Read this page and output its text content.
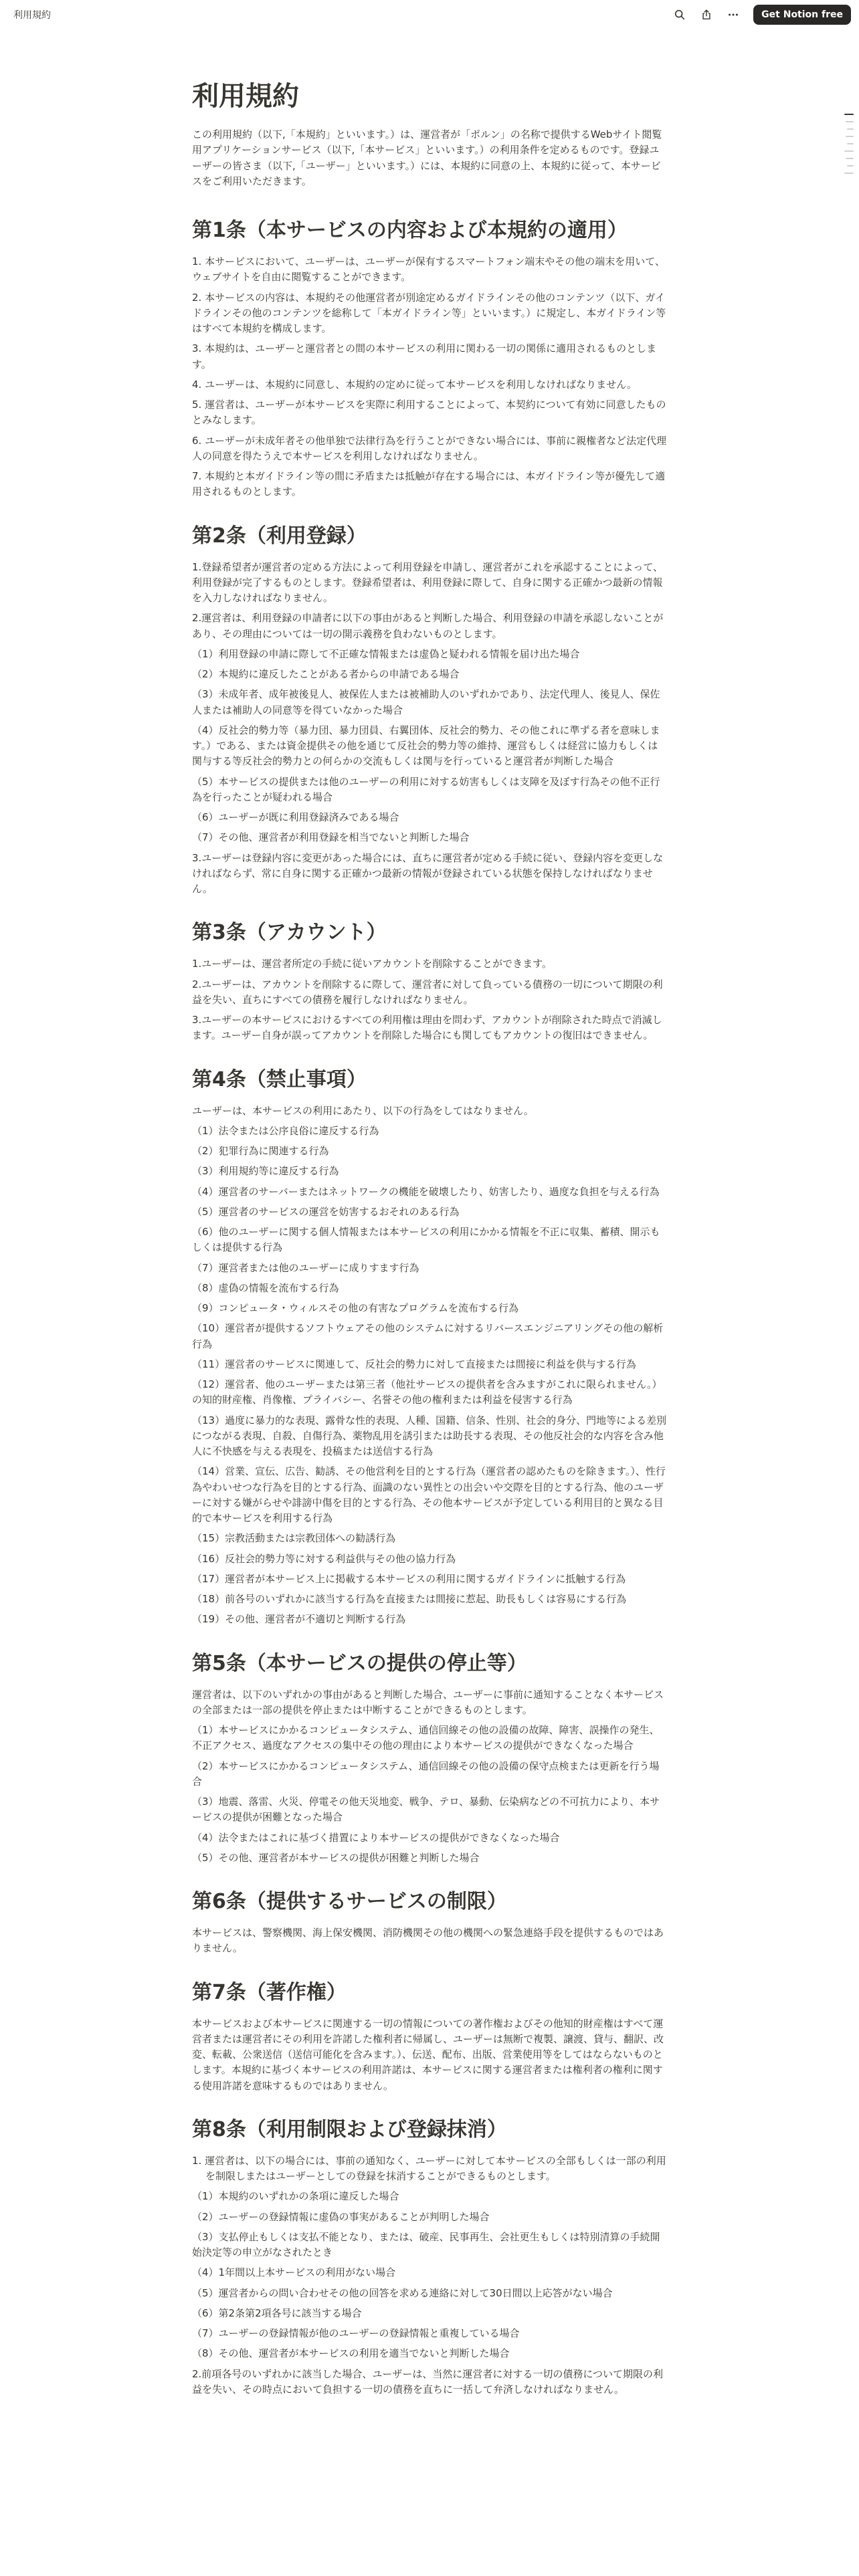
利用規約	Get Notion free
利用規約

この利用規約（以下,「本規約」といいます。）は、運営者が「ポルン」の名称で提供するWebサイト閲覧用アプリケーションサービス（以下,「本サービス」といいます。）の利用条件を定めるものです。登録ユーザーの皆さま（以下,「ユーザー」といいます。）には、本規約に同意の上、本規約に従って、本サービスをご利用いただきます。

第1条（本サービスの内容および本規約の適用）

1. 本サービスにおいて、ユーザーは、ユーザーが保有するスマートフォン端末やその他の端末を用いて、ウェブサイトを自由に閲覧することができます。

2. 本サービスの内容は、本規約その他運営者が別途定めるガイドラインその他のコンテンツ（以下、ガイドラインその他のコンテンツを総称して「本ガイドライン等」といいます。）に規定し、本ガイドライン等はすべて本規約を構成します。

3. 本規約は、ユーザーと運営者との間の本サービスの利用に関わる一切の関係に適用されるものとします。

4. ユーザーは、本規約に同意し、本規約の定めに従って本サービスを利用しなければなりません。

5. 運営者は、ユーザーが本サービスを実際に利用することによって、本契約について有効に同意したものとみなします。

6. ユーザーが未成年者その他単独で法律行為を行うことができない場合には、事前に親権者など法定代理人の同意を得たうえで本サービスを利用しなければなりません。

7. 本規約と本ガイドライン等の間に矛盾または抵触が存在する場合には、本ガイドライン等が優先して適用されるものとします。

第2条（利用登録）

1.登録希望者が運営者の定める方法によって利用登録を申請し、運営者がこれを承認することによって、利用登録が完了するものとします。登録希望者は、利用登録に際して、自身に関する正確かつ最新の情報を入力しなければなりません。

2.運営者は、利用登録の申請者に以下の事由があると判断した場合、利用登録の申請を承認しないことがあり、その理由については一切の開示義務を負わないものとします。

（1）利用登録の申請に際して不正確な情報または虚偽と疑われる情報を届け出た場合

（2）本規約に違反したことがある者からの申請である場合

（3）未成年者、成年被後見人、被保佐人または被補助人のいずれかであり、法定代理人、後見人、保佐人または補助人の同意等を得ていなかった場合

（4）反社会的勢力等（暴力団、暴力団員、右翼団体、反社会的勢力、その他これに準ずる者を意味します。）である、または資金提供その他を通じて反社会的勢力等の維持、運営もしくは経営に協力もしくは関与する等反社会的勢力との何らかの交流もしくは関与を行っていると運営者が判断した場合

（5）本サービスの提供または他のユーザーの利用に対する妨害もしくは支障を及ぼす行為その他不正行為を行ったことが疑われる場合

（6）ユーザーが既に利用登録済みである場合

（7）その他、運営者が利用登録を相当でないと判断した場合

3.ユーザーは登録内容に変更があった場合には、直ちに運営者が定める手続に従い、登録内容を変更しなければならず、常に自身に関する正確かつ最新の情報が登録されている状態を保持しなければなりません。

第3条（アカウント）

1.ユーザーは、運営者所定の手続に従いアカウントを削除することができます。

2.ユーザーは、アカウントを削除するに際して、運営者に対して負っている債務の一切について期限の利益を失い、直ちにすべての債務を履行しなければなりません。

3.ユーザーの本サービスにおけるすべての利用権は理由を問わず、アカウントが削除された時点で消滅します。ユーザー自身が誤ってアカウントを削除した場合にも関してもアカウントの復旧はできません。

第4条（禁止事項）

ユーザーは、本サービスの利用にあたり、以下の行為をしてはなりません。

（1）法令または公序良俗に違反する行為

（2）犯罪行為に関連する行為

（3）利用規約等に違反する行為

（4）運営者のサーバーまたはネットワークの機能を破壊したり、妨害したり、過度な負担を与える行為

（5）運営者のサービスの運営を妨害するおそれのある行為

（6）他のユーザーに関する個人情報または本サービスの利用にかかる情報を不正に収集、蓄積、開示もしくは提供する行為

（7）運営者または他のユーザーに成りすます行為

（8）虚偽の情報を流布する行為

（9）コンピュータ・ウィルスその他の有害なプログラムを流布する行為

（10）運営者が提供するソフトウェアその他のシステムに対するリバースエンジニアリングその他の解析行為

（11）運営者のサービスに関連して、反社会的勢力に対して直接または間接に利益を供与する行為

（12）運営者、他のユーザーまたは第三者（他社サービスの提供者を含みますがこれに限られません。）の知的財産権、肖像権、プライバシー、名誉その他の権利または利益を侵害する行為

（13）過度に暴力的な表現、露骨な性的表現、人種、国籍、信条、性別、社会的身分、門地等による差別につながる表現、自殺、自傷行為、薬物乱用を誘引または助長する表現、その他反社会的な内容を含み他人に不快感を与える表現を、投稿または送信する行為

（14）営業、宣伝、広告、勧誘、その他営利を目的とする行為（運営者の認めたものを除きます。）、性行為やわいせつな行為を目的とする行為、面識のない異性との出会いや交際を目的とする行為、他のユーザーに対する嫌がらせや誹謗中傷を目的とする行為、その他本サービスが予定している利用目的と異なる目的で本サービスを利用する行為

（15）宗教活動または宗教団体への勧誘行為

（16）反社会的勢力等に対する利益供与その他の協力行為

（17）運営者が本サービス上に掲載する本サービスの利用に関するガイドラインに抵触する行為

（18）前各号のいずれかに該当する行為を直接または間接に惹起、助長もしくは容易にする行為

（19）その他、運営者が不適切と判断する行為

第5条（本サービスの提供の停止等）

運営者は、以下のいずれかの事由があると判断した場合、ユーザーに事前に通知することなく本サービスの全部または一部の提供を停止または中断することができるものとします。

（1）本サービスにかかるコンピュータシステム、通信回線その他の設備の故障、障害、誤操作の発生、不正アクセス、過度なアクセスの集中その他の理由により本サービスの提供ができなくなった場合

（2）本サービスにかかるコンピュータシステム、通信回線その他の設備の保守点検または更新を行う場合

（3）地震、落雷、火災、停電その他天災地変、戦争、テロ、暴動、伝染病などの不可抗力により、本サービスの提供が困難となった場合

（4）法令またはこれに基づく措置により本サービスの提供ができなくなった場合

（5）その他、運営者が本サービスの提供が困難と判断した場合

第6条（提供するサービスの制限）

本サービスは、警察機関、海上保安機関、消防機関その他の機関への緊急連絡手段を提供するものではありません。

第7条（著作権）

本サービスおよび本サービスに関連する一切の情報についての著作権およびその他知的財産権はすべて運営者または運営者にその利用を許諾した権利者に帰属し、ユーザーは無断で複製、譲渡、貸与、翻訳、改変、転載、公衆送信（送信可能化を含みます。）、伝送、配布、出版、営業使用等をしてはならないものとします。本規約に基づく本サービスの利用許諾は、本サービスに関する運営者または権利者の権利に関する使用許諾を意味するものではありません。

第8条（利用制限および登録抹消）

1. 運営者は、以下の場合には、事前の通知なく、ユーザーに対して本サービスの全部もしくは一部の利用を制限しまたはユーザーとしての登録を抹消することができるものとします。

（1）本規約のいずれかの条項に違反した場合

（2）ユーザーの登録情報に虚偽の事実があることが判明した場合

（3）支払停止もしくは支払不能となり、または、破産、民事再生、会社更生もしくは特別清算の手続開始決定等の申立がなされたとき

（4）1年間以上本サービスの利用がない場合

（5）運営者からの問い合わせその他の回答を求める連絡に対して30日間以上応答がない場合

（6）第2条第2項各号に該当する場合

（7）ユーザーの登録情報が他のユーザーの登録情報と重複している場合

（8）その他、運営者が本サービスの利用を適当でないと判断した場合

2.前項各号のいずれかに該当した場合、ユーザーは、当然に運営者に対する一切の債務について期限の利益を失い、その時点において負担する一切の債務を直ちに一括して弁済しなければなりません。
